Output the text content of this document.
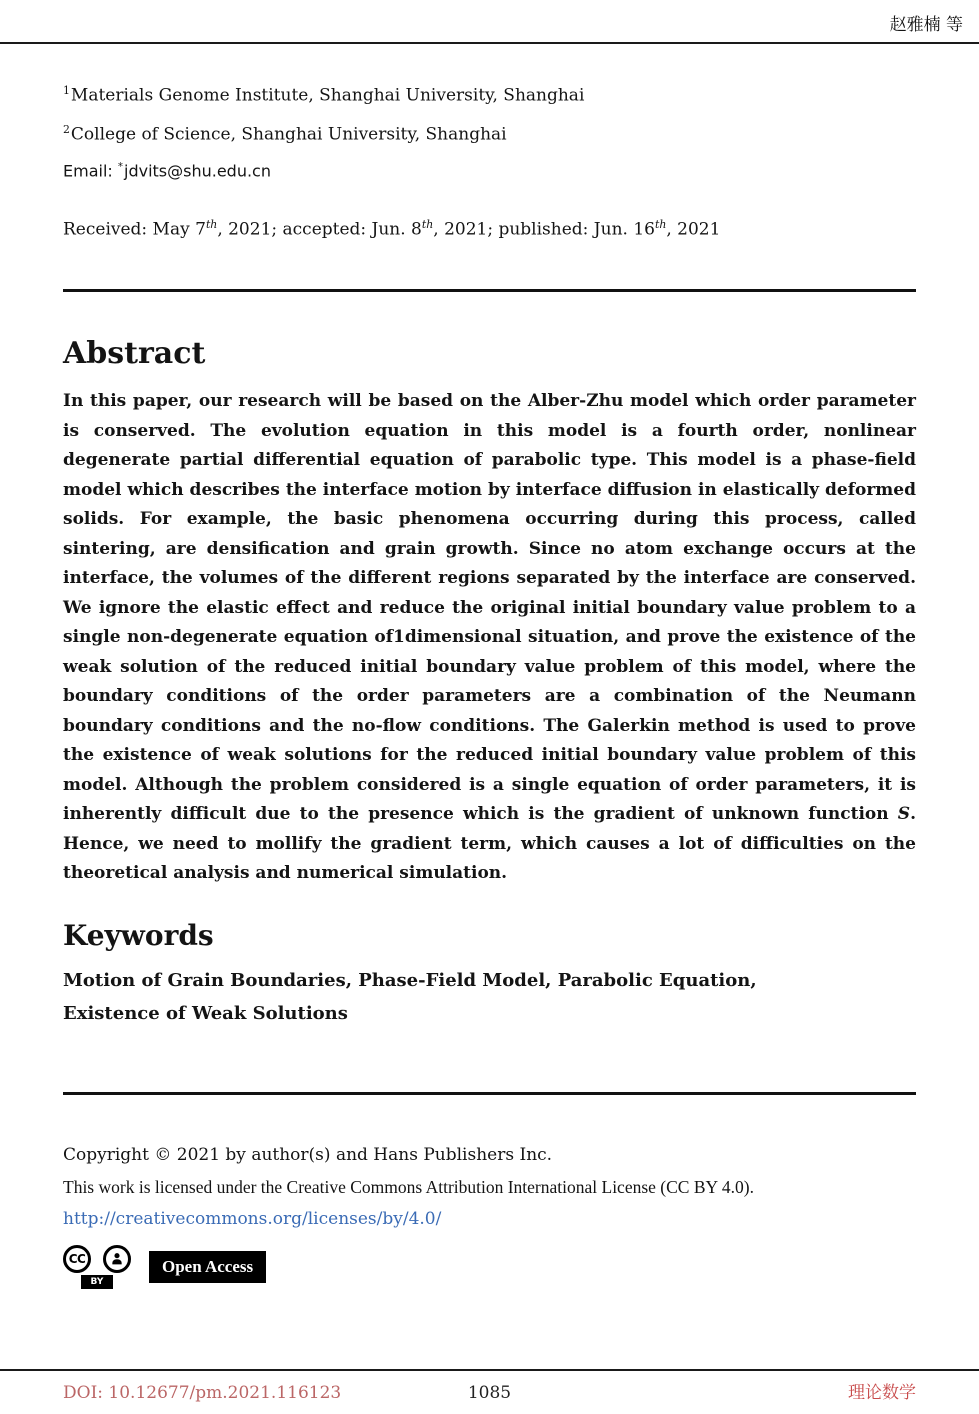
赵雅楠 等
$^1$Materials Genome Institute, Shanghai University, Shanghai
$^2$College of Science, Shanghai University, Shanghai
Email: *jdvits@shu.edu.cn

Received: May 7th, 2021; accepted: Jun. 8th, 2021; published: Jun. 16th, 2021

Abstract

In this paper, our research will be based on the Alber-Zhu model which order parameter is conserved. The evolution equation in this model is a fourth order, nonlinear degenerate partial differential equation of parabolic type. This model is a phase-field model which describes the interface motion by interface diffusion in elastically deformed solids. For example, the basic phenomena occurring during this process, called sintering, are densification and grain growth. Since no atom exchange occurs at the interface, the volumes of the different regions separated by the interface are conserved. We ignore the elastic effect and reduce the original initial boundary value problem to a single non-degenerate equation of1dimensional situation, and prove the existence of the weak solution of the reduced initial boundary value problem of this model, where the boundary conditions of the order parameters are a combination of the Neumann boundary conditions and the no-flow conditions. The Galerkin method is used to prove the existence of weak solutions for the reduced initial boundary value problem of this model. Although the problem considered is a single equation of order parameters, it is inherently difficult due to the presence which is the gradient of unknown function S. Hence, we need to mollify the gradient term, which causes a lot of difficulties on the theoretical analysis and numerical simulation.

Keywords

Motion of Grain Boundaries, Phase-Field Model, Parabolic Equation,
Existence of Weak Solutions

Copyright © 2021 by author(s) and Hans Publishers Inc.
This work is licensed under the Creative Commons Attribution International License (CC BY 4.0).
http://creativecommons.org/licenses/by/4.0/
CC
BY
Open Access
DOI: 10.12677/pm.2021.116123	1085	理论数学
